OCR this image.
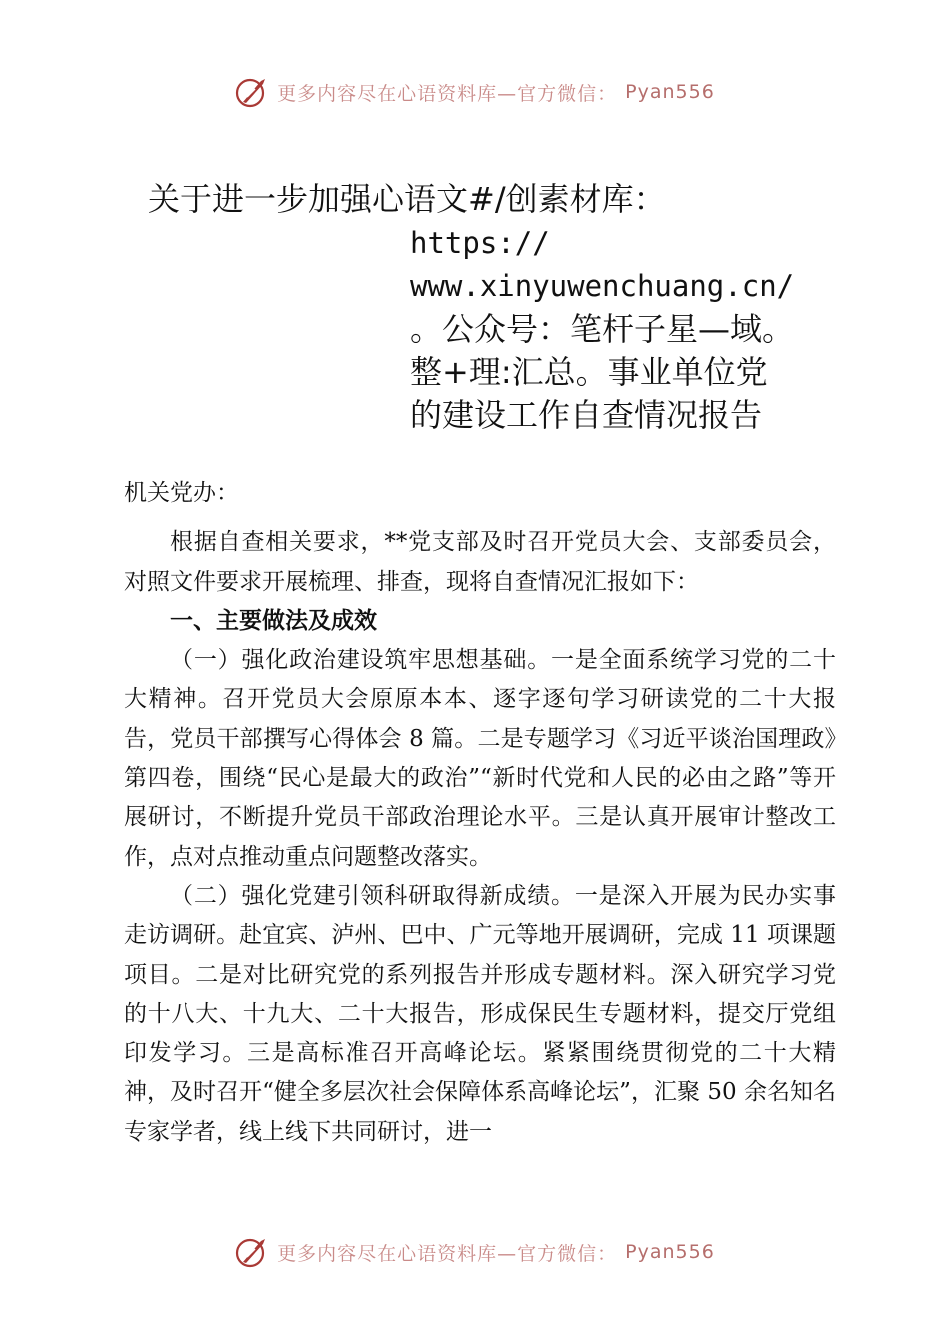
更多内容尽在心语资料库—官方微信： Pyan556
关于进一步加强心语文#/创素材库：
https://
www.xinyuwenchuang.cn/
。公众号：笔杆子星—域。
整+理:汇总。事业单位党
的建设工作自查情况报告

机关党办：

根据自查相关要求，**党支部及时召开党员大会、支部委员会，对照文件要求开展梳理、排查，现将自查情况汇报如下：

一、主要做法及成效

（一）强化政治建设筑牢思想基础。一是全面系统学习党的二十大精神。召开党员大会原原本本、逐字逐句学习研读党的二十大报告，党员干部撰写心得体会 8 篇。二是专题学习《习近平谈治国理政》第四卷，围绕“民心是最大的政治”“新时代党和人民的必由之路”等开展研讨，不断提升党员干部政治理论水平。三是认真开展审计整改工作，点对点推动重点问题整改落实。

（二）强化党建引领科研取得新成绩。一是深入开展为民办实事走访调研。赴宜宾、泸州、巴中、广元等地开展调研，完成 11 项课题项目。二是对比研究党的系列报告并形成专题材料。深入研究学习党的十八大、十九大、二十大报告，形成保民生专题材料，提交厅党组印发学习。三是高标准召开高峰论坛。紧紧围绕贯彻党的二十大精神，及时召开“健全多层次社会保障体系高峰论坛”，汇聚 50 余名知名专家学者，线上线下共同研讨，进一

更多内容尽在心语资料库—官方微信： Pyan556
